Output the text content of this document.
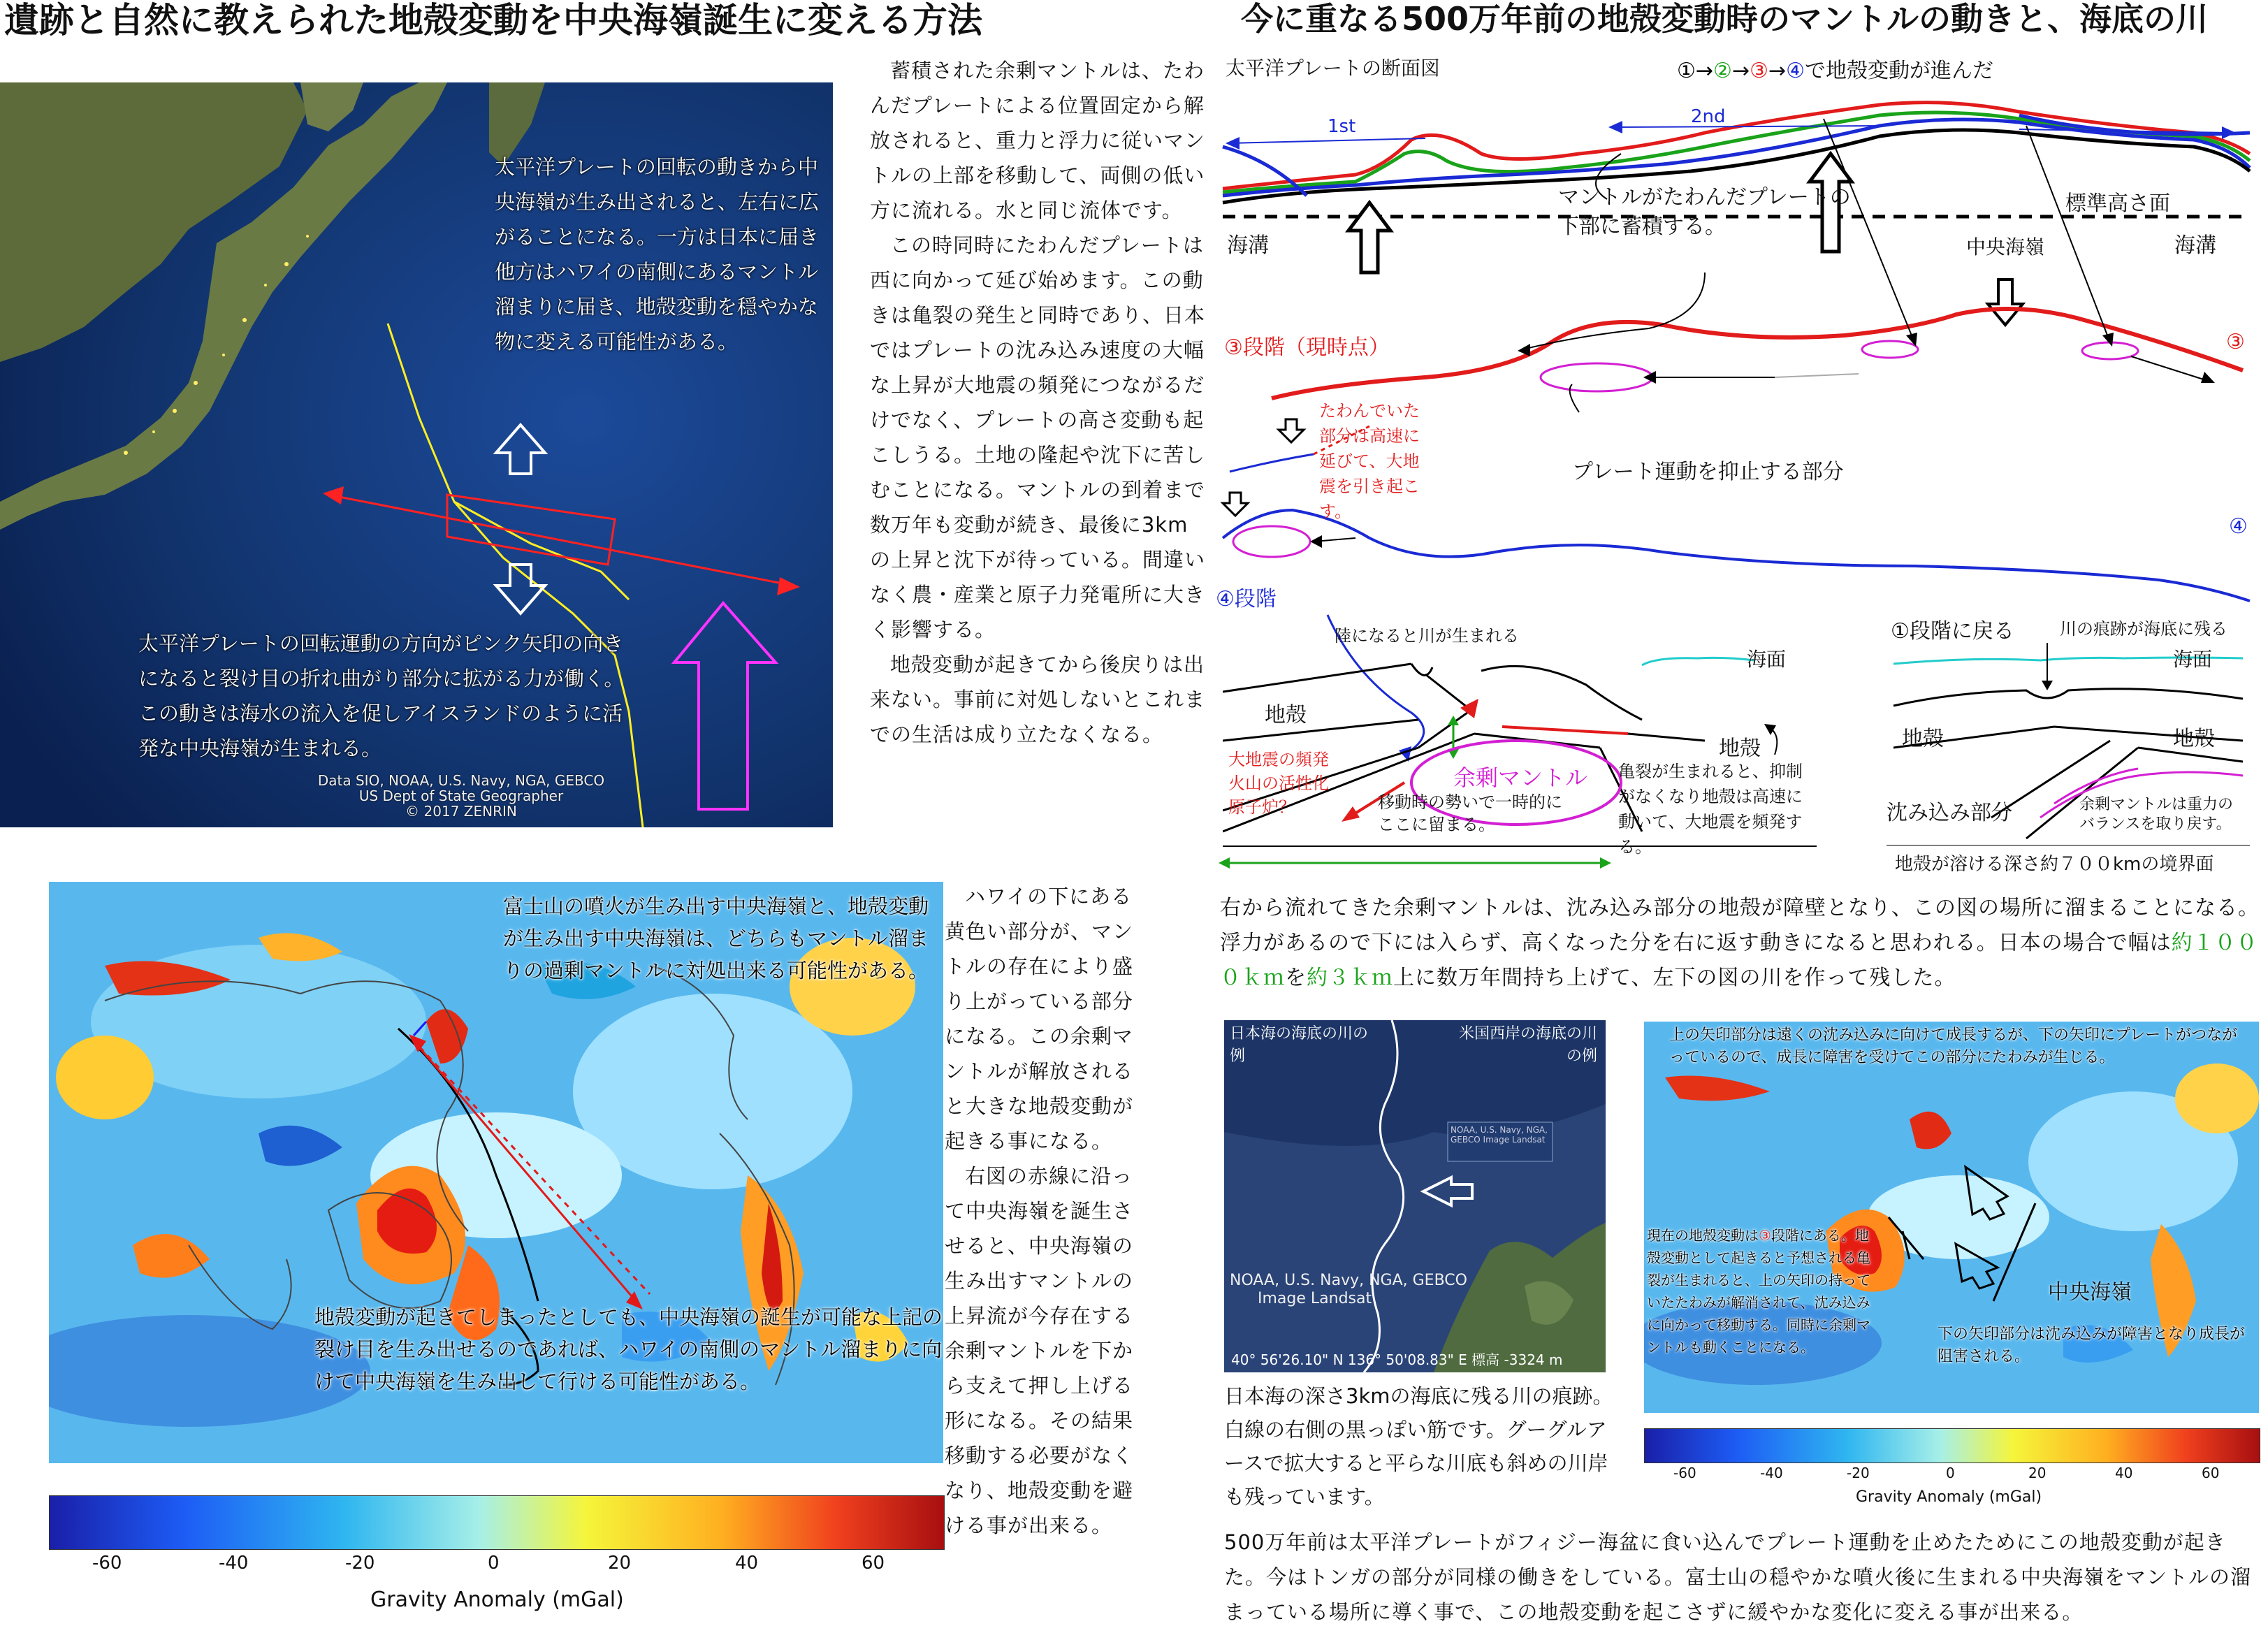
遺跡と自然に教えられた地殻変動を中央海嶺誕生に変える方法	今に重なる500万年前の地殻変動時のマントルの動きと、海底の川
太平洋プレートの回転の動きから中央海嶺が生み出されると、左右に広がることになる。一方は日本に届き他方はハワイの南側にあるマントル溜まりに届き、地殻変動を穏やかな物に変える可能性がある。
太平洋プレートの回転運動の方向がピンク矢印の向きになると裂け目の折れ曲がり部分に拡がる力が働く。この動きは海水の流入を促しアイスランドのように活発な中央海嶺が生まれる。
Data SIO, NOAA, U.S. Navy, NGA, GEBCO
US Dept of State Geographer
© 2017 ZENRIN

蓄積された余剰マントルは、たわんだプレートによる位置固定から解放されると、重力と浮力に従いマントルの上部を移動して、両側の低い方に流れる。水と同じ流体です。

この時同時にたわんだプレートは西に向かって延び始めます。この動きは亀裂の発生と同時であり、日本ではプレートの沈み込み速度の大幅な上昇が大地震の頻発につながるだけでなく、プレートの高さ変動も起こしうる。土地の隆起や沈下に苦しむことになる。マントルの到着まで数万年も変動が続き、最後に3kmの上昇と沈下が待っている。間違いなく農・産業と原子力発電所に大きく影響する。

地殻変動が起きてから後戻りは出来ない。事前に対処しないとこれまでの生活は成り立たなくなる。

富士山の噴火が生み出す中央海嶺と、地殻変動が生み出す中央海嶺は、どちらもマントル溜まりの過剰マントルに対処出来る可能性がある。
地殻変動が起きてしまったとしても、中央海嶺の誕生が可能な上記の裂け目を生み出せるのであれば、ハワイの南側のマントル溜まりに向けて中央海嶺を生み出して行ける可能性がある。
-60	-40	-20	0	20	40	60
Gravity Anomaly (mGal)

ハワイの下にある黄色い部分が、マントルの存在により盛り上がっている部分になる。この余剰マントルが解放されると大きな地殻変動が起きる事になる。

右図の赤線に沿って中央海嶺を誕生させると、中央海嶺の生み出すマントルの上昇流が今存在する余剰マントルを下から支えて押し上げる形になる。その結果移動する必要がなくなり、地殻変動を避ける事が出来る。

太平洋プレートの断面図	①→②→③→④で地殻変動が進んだ
1st	2nd
マントルがたわんだプレートの下部に蓄積する。
標準高さ面
海溝	中央海嶺	海溝
③段階（現時点）	③
たわんでいた部分は高速に延びて、大地震を引き起こす。
プレート運動を抑止する部分
④
④段階
陸になると川が生まれる
海面
地殻
地殻
大地震の頻発 火山の活性化 原子炉？
余剰マントル
移動時の勢いで一時的にここに留まる。
亀裂が生まれると、抑制がなくなり地殻は高速に動いて、大地震を頻発する。
①段階に戻る	川の痕跡が海底に残る
海面
地殻	地殻
沈み込み部分	余剰マントルは重力のバランスを取り戻す。
地殻が溶ける深さ約７００kmの境界面
右から流れてきた余剰マントルは、沈み込み部分の地殻が障壁となり、この図の場所に溜まることになる。浮力があるので下には入らず、高くなった分を右に返す動きになると思われる。日本の場合で幅は約１０００ｋｍを約３ｋｍ上に数万年間持ち上げて、左下の図の川を作って残した。
日本海の海底の川の例
米国西岸の海底の川の例
NOAA, U.S. Navy, NGA, GEBCO Image Landsat
NOAA, U.S. Navy, NGA, GEBCO
Image Landsat
40° 56'26.10" N 136° 50'08.83" E 標高 -3324 m
日本海の深さ3kmの海底に残る川の痕跡。白線の右側の黒っぽい筋です。グーグルアースで拡大すると平らな川底も斜めの川岸も残っています。
上の矢印部分は遠くの沈み込みに向けて成長するが、下の矢印にプレートがつながっているので、成長に障害を受けてこの部分にたわみが生じる。
現在の地殻変動は③段階にある。地殻変動として起きると予想される亀裂が生まれると、上の矢印の持っていたたわみが解消されて、沈み込みに向かって移動する。同時に余剰マントルも動くことになる。
中央海嶺
下の矢印部分は沈み込みが障害となり成長が阻害される。
-60	-40	-20	0	20	40	60
Gravity Anomaly (mGal)
500万年前は太平洋プレートがフィジー海盆に食い込んでプレート運動を止めたためにこの地殻変動が起きた。今はトンガの部分が同様の働きをしている。富士山の穏やかな噴火後に生まれる中央海嶺をマントルの溜まっている場所に導く事で、この地殻変動を起こさずに緩やかな変化に変える事が出来る。
